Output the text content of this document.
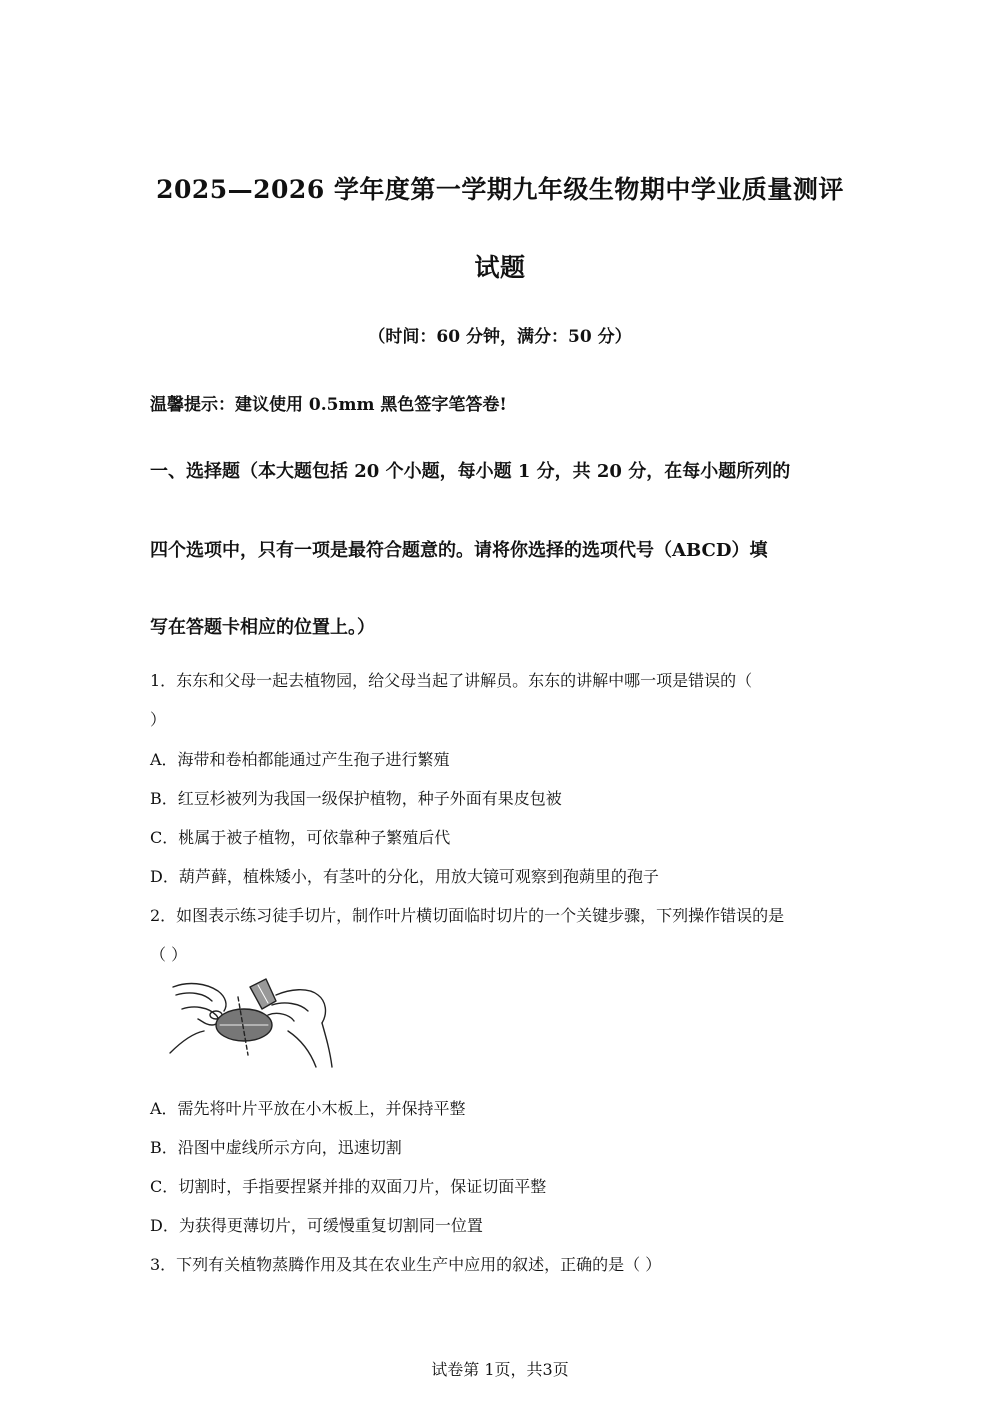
2025—2026 学年度第一学期九年级生物期中学业质量测评
试题
（时间：60 分钟，满分：50 分）
温馨提示：建议使用 0.5mm 黑色签字笔答卷!
一、选择题（本大题包括 20 个小题，每小题 1 分，共 20 分，在每小题所列的
四个选项中，只有一项是最符合题意的。请将你选择的选项代号（ABCD）填
写在答题卡相应的位置上。）
1．东东和父母一起去植物园，给父母当起了讲解员。东东的讲解中哪一项是错误的（
）
A．海带和卷柏都能通过产生孢子进行繁殖
B．红豆杉被列为我国一级保护植物，种子外面有果皮包被
C．桃属于被子植物，可依靠种子繁殖后代
D．葫芦藓，植株矮小，有茎叶的分化，用放大镜可观察到孢蒴里的孢子
2．如图表示练习徒手切片，制作叶片横切面临时切片的一个关键步骤，下列操作错误的是
（ ）
A．需先将叶片平放在小木板上，并保持平整
B．沿图中虚线所示方向，迅速切割
C．切割时，手指要捏紧并排的双面刀片，保证切面平整
D．为获得更薄切片，可缓慢重复切割同一位置
3．下列有关植物蒸腾作用及其在农业生产中应用的叙述，正确的是（ ）
试卷第 1页，共3页
